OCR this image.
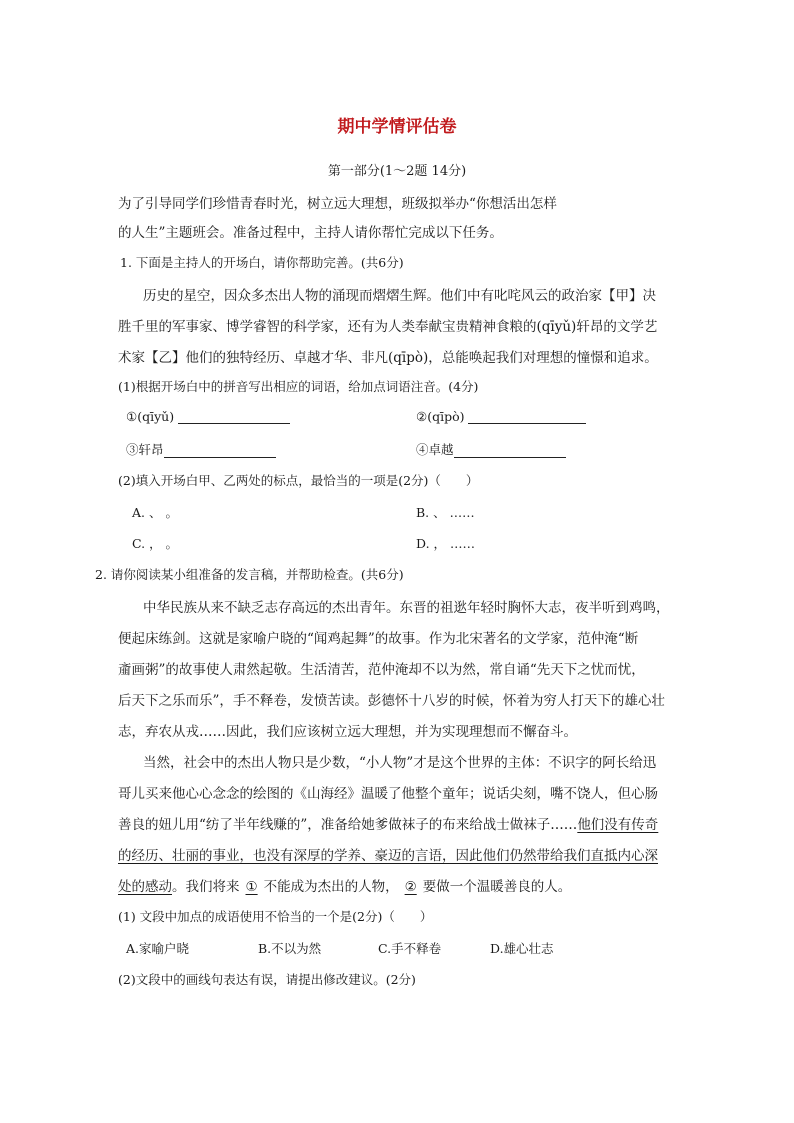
期中学情评估卷
第一部分(1～2题 14分)
为了引导同学们珍惜青春时光，树立远大理想，班级拟举办“你想活出怎样
的人生”主题班会。准备过程中，主持人请你帮忙完成以下任务。
1. 下面是主持人的开场白，请你帮助完善。(共6分)
历史的星空，因众多杰出人物的涌现而熠熠生辉。他们中有叱咤风云的政治家【甲】决
胜千里的军事家、博学睿智的科学家，还有为人类奉献宝贵精神食粮的(qīyǔ)轩昂的文学艺
术家【乙】他们的独特经历、卓越才华、非凡(qīpò)，总能唤起我们对理想的憧憬和追求。
(1)根据开场白中的拼音写出相应的词语，给加点词语注音。(4分)
①(qīyǔ)	②(qīpò)
③轩昂	④卓越
(2)填入开场白甲、乙两处的标点，最恰当的一项是(2分)（　　）
A. 、 。	B. 、 ……
C. ， 。	D. ， ……
2. 请你阅读某小组准备的发言稿，并帮助检查。(共6分)
中华民族从来不缺乏志存高远的杰出青年。东晋的祖逖年轻时胸怀大志，夜半听到鸡鸣，
便起床练剑。这就是家喻户晓的“闻鸡起舞”的故事。作为北宋著名的文学家，范仲淹“断
齑画粥”的故事使人肃然起敬。生活清苦，范仲淹却不以为然，常自诵“先天下之忧而忧，
后天下之乐而乐”，手不释卷，发愤苦读。彭德怀十八岁的时候，怀着为穷人打天下的雄心壮
志，弃农从戎……因此，我们应该树立远大理想，并为实现理想而不懈奋斗。
当然，社会中的杰出人物只是少数，“小人物”才是这个世界的主体：不识字的阿长给迅
哥儿买来他心心念念的绘图的《山海经》温暖了他整个童年；说话尖刻，嘴不饶人，但心肠
善良的妞儿用“纺了半年线赚的”，准备给她爹做袜子的布来给战士做袜子……他们没有传奇
的经历、壮丽的事业，也没有深厚的学养、豪迈的言语，因此他们仍然带给我们直抵内心深
处的感动。我们将来 ① 不能成为杰出的人物， ② 要做一个温暖善良的人。
(1) 文段中加点的成语使用不恰当的一个是(2分)（　　）
A.家喻户晓	B.不以为然	C.手不释卷	D.雄心壮志
(2)文段中的画线句表达有误，请提出修改建议。(2分)
